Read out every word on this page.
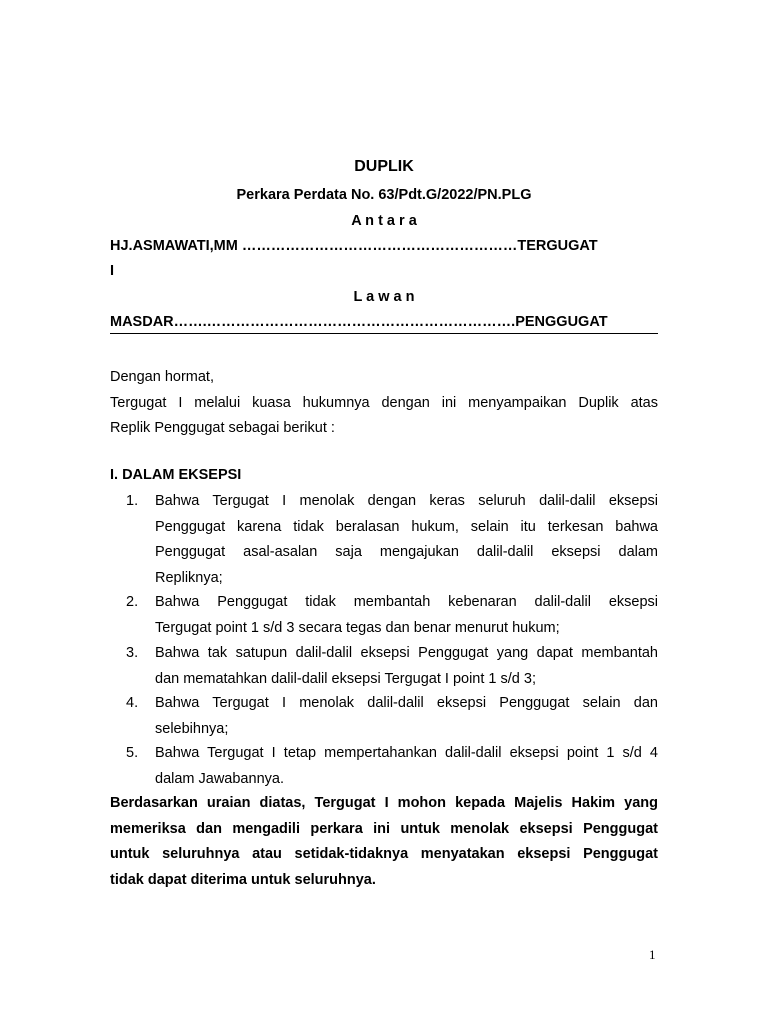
DUPLIK
Perkara Perdata No. 63/Pdt.G/2022/PN.PLG
A n t a r a
HJ.ASMAWATI,MM …………………………………………………TERGUGAT
I
L a w a n
MASDAR…….……………………………………………………….PENGGUGAT
Dengan hormat,
Tergugat I melalui kuasa hukumnya dengan ini menyampaikan Duplik atas
Replik Penggugat sebagai berikut :
I. DALAM EKSEPSI
1. Bahwa Tergugat I menolak dengan keras seluruh dalil-dalil eksepsi
Penggugat karena tidak beralasan hukum, selain itu terkesan bahwa
Penggugat asal-asalan saja mengajukan dalil-dalil eksepsi dalam
Repliknya;
2. Bahwa Penggugat tidak membantah kebenaran dalil-dalil eksepsi
Tergugat point 1 s/d 3 secara tegas dan benar menurut hukum;
3. Bahwa tak satupun dalil-dalil eksepsi Penggugat yang dapat membantah
dan mematahkan dalil-dalil eksepsi Tergugat I point 1 s/d 3;
4. Bahwa Tergugat I menolak dalil-dalil eksepsi Penggugat selain dan
selebihnya;
5. Bahwa Tergugat I tetap mempertahankan dalil-dalil eksepsi point 1 s/d 4
dalam Jawabannya.
Berdasarkan uraian diatas, Tergugat I mohon kepada Majelis Hakim yang
memeriksa dan mengadili perkara ini untuk menolak eksepsi Penggugat
untuk seluruhnya atau setidak-tidaknya menyatakan eksepsi Penggugat
tidak dapat diterima untuk seluruhnya.
1
